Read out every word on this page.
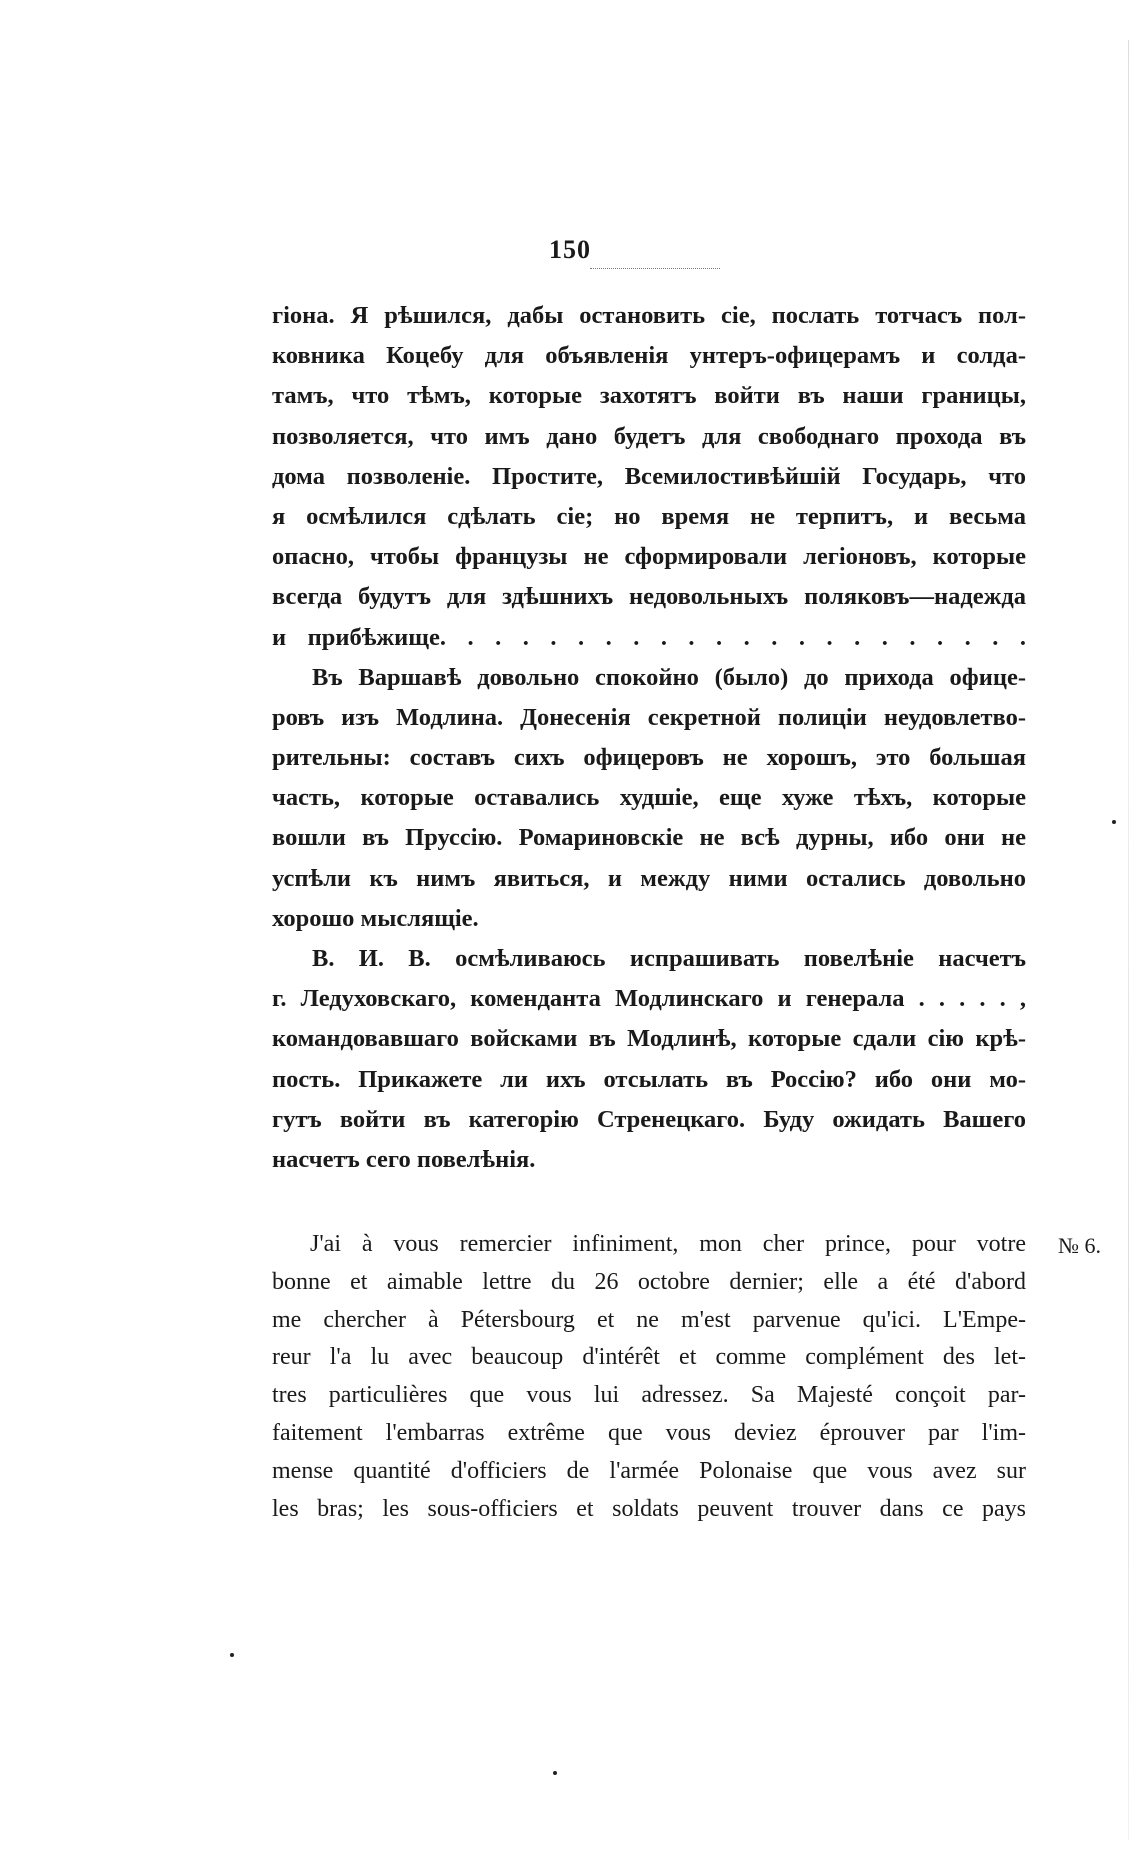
150
гіона. Я рѣшился, дабы остановить сіе, послать тотчасъ пол-
ковника Коцебу для объявленія унтеръ-офицерамъ и солда-
тамъ, что тѣмъ, которые захотятъ войти въ наши границы,
позволяется, что имъ дано будетъ для свободнаго прохода въ
дома позволеніе. Простите, Всемилостивѣйшій Государь, что
я осмѣлился сдѣлать сіе; но время не терпитъ, и весьма
опасно, чтобы французы не сформировали легіоновъ, которые
всегда будутъ для здѣшнихъ недовольныхъ поляковъ—надежда
и прибѣжище. . . . . . . . . . . . . . . . . . . . . .
Въ Варшавѣ довольно спокойно (было) до прихода офице-
ровъ изъ Модлина. Донесенія секретной полиціи неудовлетво-
рительны: составъ сихъ офицеровъ не хорошъ, это большая
часть, которые оставались худшіе, еще хуже тѣхъ, которые
вошли въ Пруссію. Ромариновскіе не всѣ дурны, ибо они не
успѣли къ нимъ явиться, и между ними остались довольно
хорошо мыслящіе.
В. И. В. осмѣливаюсь испрашивать повелѣніе насчетъ
г. Ледуховскаго, коменданта Модлинскаго и генерала . . . . . ,
командовавшаго войсками въ Модлинѣ, которые сдали сію крѣ-
пость. Прикажете ли ихъ отсылать въ Россію? ибо они мо-
гутъ войти въ категорію Стренецкаго. Буду ожидать Вашего
насчетъ сего повелѣнія.
J'ai à vous remercier infiniment, mon cher prince, pour votre
bonne et aimable lettre du 26 octobre dernier; elle a été d'abord
me chercher à Pétersbourg et ne m'est parvenue qu'ici. L'Empe-
reur l'a lu avec beaucoup d'intérêt et comme complément des let-
tres particulières que vous lui adressez. Sa Majesté conçoit par-
faitement l'embarras extrême que vous deviez éprouver par l'im-
mense quantité d'officiers de l'armée Polonaise que vous avez sur
les bras; les sous-officiers et soldats peuvent trouver dans ce pays
№ 6.
